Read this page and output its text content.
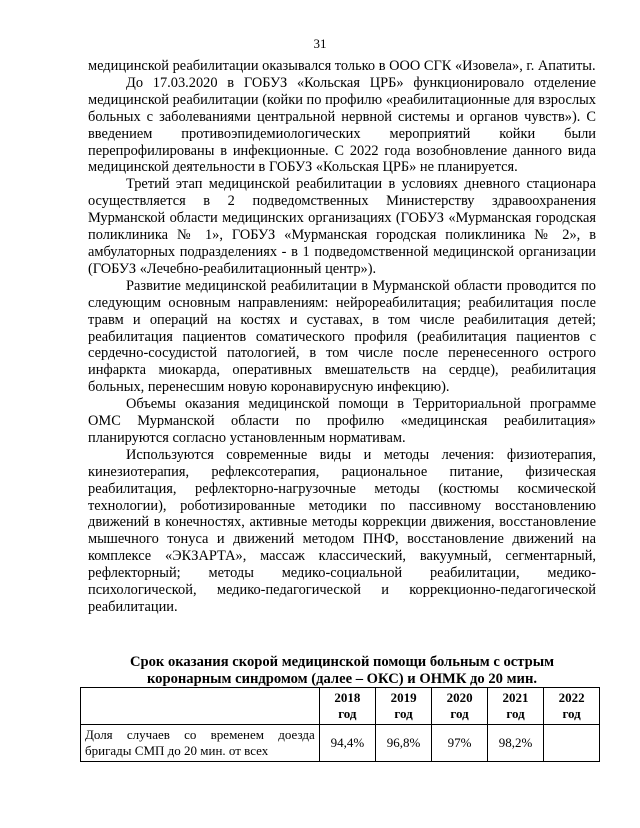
31

медицинской реабилитации оказывался только в ООО СГК «Изовела», г. Апатиты.

До 17.03.2020 в ГОБУЗ «Кольская ЦРБ» функционировало отделение медицинской реабилитации (койки по профилю «реабилитационные для взрослых больных с заболеваниями центральной нервной системы и органов чувств»). С введением противоэпидемиологических мероприятий койки были перепрофилированы в инфекционные. С 2022 года возобновление данного вида медицинской деятельности в ГОБУЗ «Кольская ЦРБ» не планируется.

Третий этап медицинской реабилитации в условиях дневного стационара осуществляется в 2 подведомственных Министерству здравоохранения Мурманской области медицинских организациях (ГОБУЗ «Мурманская городская поликлиника № 1», ГОБУЗ «Мурманская городская поликлиника № 2», в амбулаторных подразделениях - в 1 подведомственной медицинской организации (ГОБУЗ «Лечебно-реабилитационный центр»).

Развитие медицинской реабилитации в Мурманской области проводится по следующим основным направлениям: нейрореабилитация; реабилитация после травм и операций на костях и суставах, в том числе реабилитация детей; реабилитация пациентов соматического профиля (реабилитация пациентов с сердечно-сосудистой патологией, в том числе после перенесенного острого инфаркта миокарда, оперативных вмешательств на сердце), реабилитация больных, перенесшим новую коронавирусную инфекцию).

Объемы оказания медицинской помощи в Территориальной программе ОМС Мурманской области по профилю «медицинская реабилитация» планируются согласно установленным нормативам.

Используются современные виды и методы лечения: физиотерапия, кинезиотерапия, рефлексотерапия, рациональное питание, физическая реабилитация, рефлекторно-нагрузочные методы (костюмы космической технологии), роботизированные методики по пассивному восстановлению движений в конечностях, активные методы коррекции движения, восстановление мышечного тонуса и движений методом ПНФ, восстановление движений на комплексе «ЭКЗАРТА», массаж классический, вакуумный, сегментарный, рефлекторный; методы медико-социальной реабилитации, медико-психологической, медико-педагогической и коррекционно-педагогической реабилитации.

Срок оказания скорой медицинской помощи больным с острым коронарным синдромом (далее – ОКС) и ОНМК до 20 мин.
	2018 год	2019 год	2020 год	2021 год	2022 год
Доля случаев со временем доезда бригады СМП до 20 мин. от всех	94,4%	96,8%	97%	98,2%	
